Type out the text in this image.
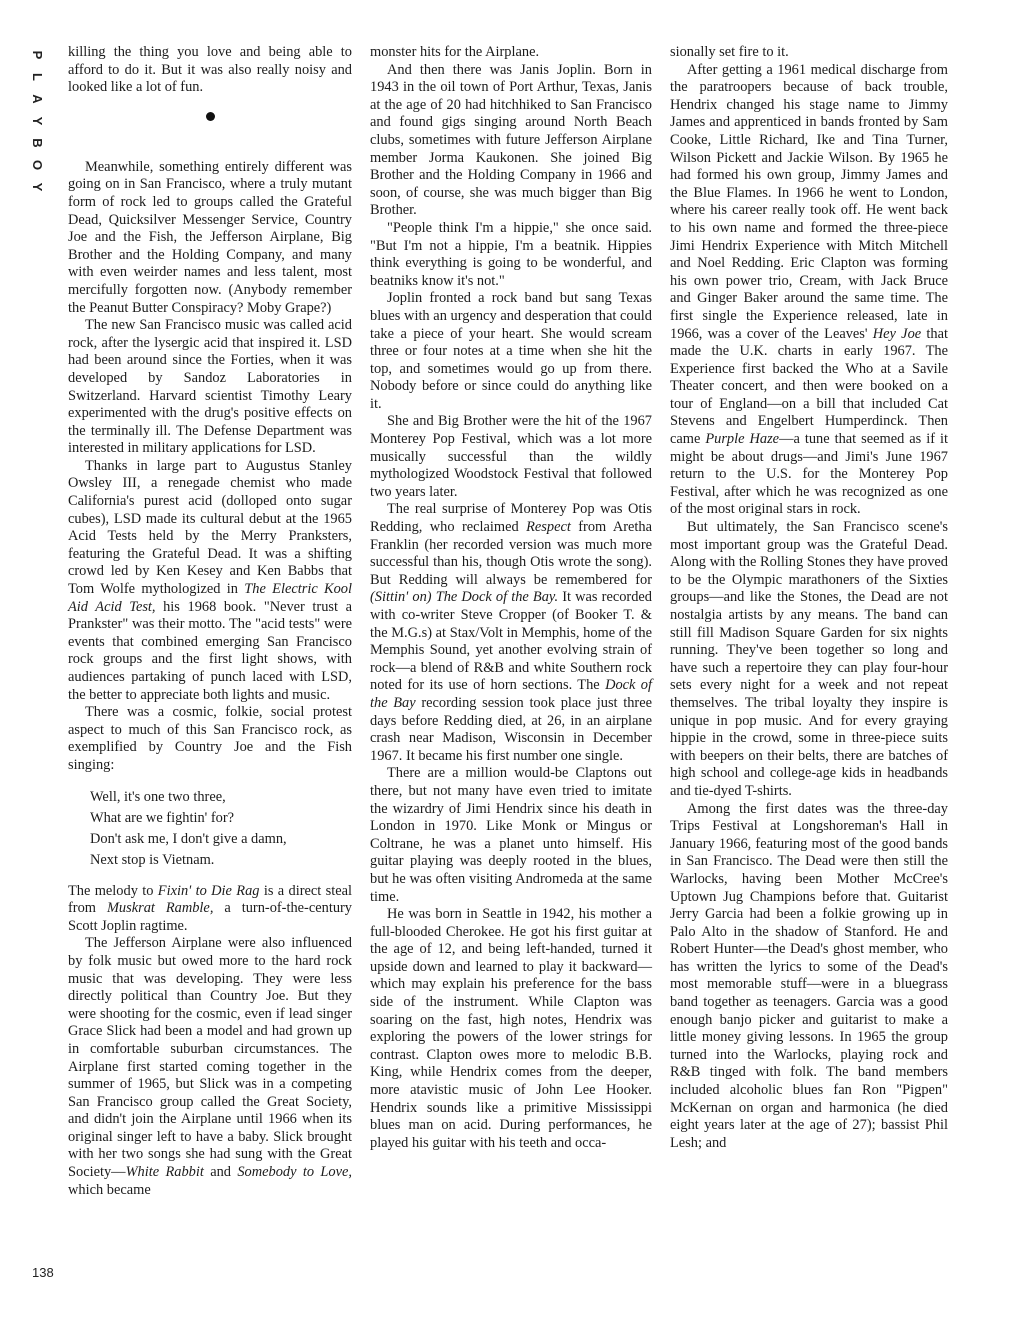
P
L
A
Y
B
O
Y
138

killing the thing you love and being able to afford to do it. But it was also really noisy and looked like a lot of fun.

Meanwhile, something entirely different was going on in San Francisco, where a truly mutant form of rock led to groups called the Grateful Dead, Quicksilver Messenger Service, Country Joe and the Fish, the Jefferson Airplane, Big Brother and the Holding Company, and many with even weirder names and less talent, most mercifully forgotten now. (Anybody remember the Peanut Butter Conspiracy? Moby Grape?)

The new San Francisco music was called acid rock, after the lysergic acid that inspired it. LSD had been around since the Forties, when it was developed by Sandoz Laboratories in Switzerland. Harvard scientist Timothy Leary experimented with the drug's positive effects on the terminally ill. The Defense Department was interested in military applications for LSD.

Thanks in large part to Augustus Stanley Owsley III, a renegade chemist who made California's purest acid (dolloped onto sugar cubes), LSD made its cultural debut at the 1965 Acid Tests held by the Merry Pranksters, featuring the Grateful Dead. It was a shifting crowd led by Ken Kesey and Ken Babbs that Tom Wolfe mythologized in The Electric Kool Aid Acid Test, his 1968 book. "Never trust a Prankster" was their motto. The "acid tests" were events that combined emerging San Francisco rock groups and the first light shows, with audiences partaking of punch laced with LSD, the better to appreciate both lights and music.

There was a cosmic, folkie, social protest aspect to much of this San Francisco rock, as exemplified by Country Joe and the Fish singing:

Well, it's one two three,
What are we fightin' for?
Don't ask me, I don't give a damn,
Next stop is Vietnam.

The melody to Fixin' to Die Rag is a direct steal from Muskrat Ramble, a turn-of-the-century Scott Joplin ragtime.

The Jefferson Airplane were also influenced by folk music but owed more to the hard rock music that was developing. They were less directly political than Country Joe. But they were shooting for the cosmic, even if lead singer Grace Slick had been a model and had grown up in comfortable suburban circumstances. The Airplane first started coming together in the summer of 1965, but Slick was in a competing San Francisco group called the Great Society, and didn't join the Airplane until 1966 when its original singer left to have a baby. Slick brought with her two songs she had sung with the Great Society—White Rabbit and Somebody to Love, which became

monster hits for the Airplane.

And then there was Janis Joplin. Born in 1943 in the oil town of Port Arthur, Texas, Janis at the age of 20 had hitchhiked to San Francisco and found gigs singing around North Beach clubs, sometimes with future Jefferson Airplane member Jorma Kaukonen. She joined Big Brother and the Holding Company in 1966 and soon, of course, she was much bigger than Big Brother.

"People think I'm a hippie," she once said. "But I'm not a hippie, I'm a beatnik. Hippies think everything is going to be wonderful, and beatniks know it's not."

Joplin fronted a rock band but sang Texas blues with an urgency and desperation that could take a piece of your heart. She would scream three or four notes at a time when she hit the top, and sometimes would go up from there. Nobody before or since could do anything like it.

She and Big Brother were the hit of the 1967 Monterey Pop Festival, which was a lot more musically successful than the wildly mythologized Woodstock Festival that followed two years later.

The real surprise of Monterey Pop was Otis Redding, who reclaimed Respect from Aretha Franklin (her recorded version was much more successful than his, though Otis wrote the song). But Redding will always be remembered for (Sittin' on) The Dock of the Bay. It was recorded with co-writer Steve Cropper (of Booker T. & the M.G.s) at Stax/Volt in Memphis, home of the Memphis Sound, yet another evolving strain of rock—a blend of R&B and white Southern rock noted for its use of horn sections. The Dock of the Bay recording session took place just three days before Redding died, at 26, in an airplane crash near Madison, Wisconsin in December 1967. It became his first number one single.

There are a million would-be Claptons out there, but not many have even tried to imitate the wizardry of Jimi Hendrix since his death in London in 1970. Like Monk or Mingus or Coltrane, he was a planet unto himself. His guitar playing was deeply rooted in the blues, but he was often visiting Andromeda at the same time.

He was born in Seattle in 1942, his mother a full-blooded Cherokee. He got his first guitar at the age of 12, and being left-handed, turned it upside down and learned to play it backward—which may explain his preference for the bass side of the instrument. While Clapton was soaring on the fast, high notes, Hendrix was exploring the powers of the lower strings for contrast. Clapton owes more to melodic B.B. King, while Hendrix comes from the deeper, more atavistic music of John Lee Hooker. Hendrix sounds like a primitive Mississippi blues man on acid. During performances, he played his guitar with his teeth and occa-

sionally set fire to it.

After getting a 1961 medical discharge from the paratroopers because of back trouble, Hendrix changed his stage name to Jimmy James and apprenticed in bands fronted by Sam Cooke, Little Richard, Ike and Tina Turner, Wilson Pickett and Jackie Wilson. By 1965 he had formed his own group, Jimmy James and the Blue Flames. In 1966 he went to London, where his career really took off. He went back to his own name and formed the three-piece Jimi Hendrix Experience with Mitch Mitchell and Noel Redding. Eric Clapton was forming his own power trio, Cream, with Jack Bruce and Ginger Baker around the same time. The first single the Experience released, late in 1966, was a cover of the Leaves' Hey Joe that made the U.K. charts in early 1967. The Experience first backed the Who at a Savile Theater concert, and then were booked on a tour of England—on a bill that included Cat Stevens and Engelbert Humperdinck. Then came Purple Haze—a tune that seemed as if it might be about drugs—and Jimi's June 1967 return to the U.S. for the Monterey Pop Festival, after which he was recognized as one of the most original stars in rock.

But ultimately, the San Francisco scene's most important group was the Grateful Dead. Along with the Rolling Stones they have proved to be the Olympic marathoners of the Sixties groups—and like the Stones, the Dead are not nostalgia artists by any means. The band can still fill Madison Square Garden for six nights running. They've been together so long and have such a repertoire they can play four-hour sets every night for a week and not repeat themselves. The tribal loyalty they inspire is unique in pop music. And for every graying hippie in the crowd, some in three-piece suits with beepers on their belts, there are batches of high school and college-age kids in headbands and tie-dyed T-shirts.

Among the first dates was the three-day Trips Festival at Longshoreman's Hall in January 1966, featuring most of the good bands in San Francisco. The Dead were then still the Warlocks, having been Mother McCree's Uptown Jug Champions before that. Guitarist Jerry Garcia had been a folkie growing up in Palo Alto in the shadow of Stanford. He and Robert Hunter—the Dead's ghost member, who has written the lyrics to some of the Dead's most memorable stuff—were in a bluegrass band together as teenagers. Garcia was a good enough banjo picker and guitarist to make a little money giving lessons. In 1965 the group turned into the Warlocks, playing rock and R&B tinged with folk. The band members included alcoholic blues fan Ron "Pigpen" McKernan on organ and harmonica (he died eight years later at the age of 27); bassist Phil Lesh; and
